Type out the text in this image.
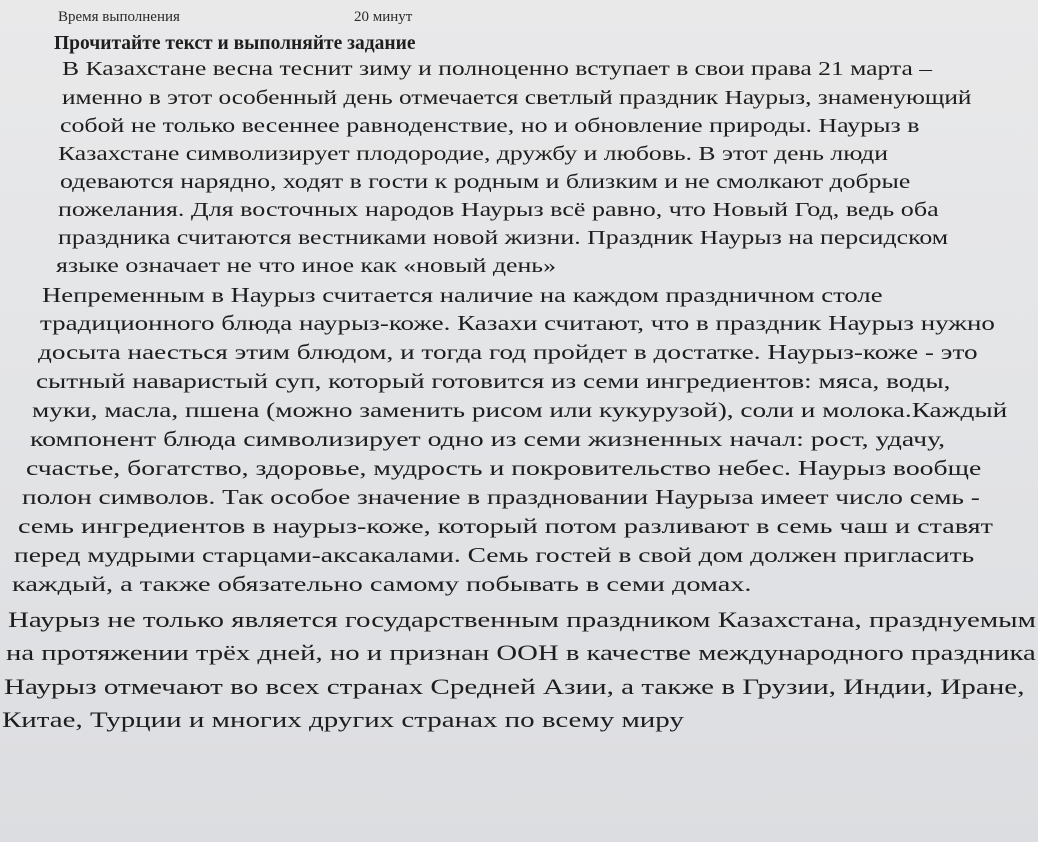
Время выполнения	20 минут
Прочитайте текст и выполняйте задание
В Казахстане весна теснит зиму и полноценно вступает в свои права 21 марта –
именно в этот особенный день отмечается светлый праздник Наурыз, знаменующий
собой не только весеннее равноденствие, но и обновление природы. Наурыз в
Казахстане символизирует плодородие, дружбу и любовь. В этот день люди
одеваются нарядно, ходят в гости к родным и близким и не смолкают добрые
пожелания. Для восточных народов Наурыз всё равно, что Новый Год, ведь оба
праздника считаются вестниками новой жизни. Праздник Наурыз на персидском
языке означает не что иное как «новый день»
Непременным в Наурыз считается наличие на каждом праздничном столе
традиционного блюда наурыз-коже. Казахи считают, что в праздник Наурыз нужно
досыта наесться этим блюдом, и тогда год пройдет в достатке. Наурыз-коже - это
сытный наваристый суп, который готовится из семи ингредиентов: мяса, воды,
муки, масла, пшена (можно заменить рисом или кукурузой), соли и молока.Каждый
компонент блюда символизирует одно из семи жизненных начал: рост, удачу,
счастье, богатство, здоровье, мудрость и покровительство небес. Наурыз вообще
полон символов. Так особое значение в праздновании Наурыза имеет число семь -
семь ингредиентов в наурыз-коже, который потом разливают в семь чаш и ставят
перед мудрыми старцами-аксакалами. Семь гостей в свой дом должен пригласить
каждый, а также обязательно самому побывать в семи домах.
Наурыз не только является государственным праздником Казахстана, празднуемым
на протяжении трёх дней, но и признан ООН в качестве международного праздника
Наурыз отмечают во всех странах Средней Азии, а также в Грузии, Индии, Иране,
Китае, Турции и многих других странах по всему миру
